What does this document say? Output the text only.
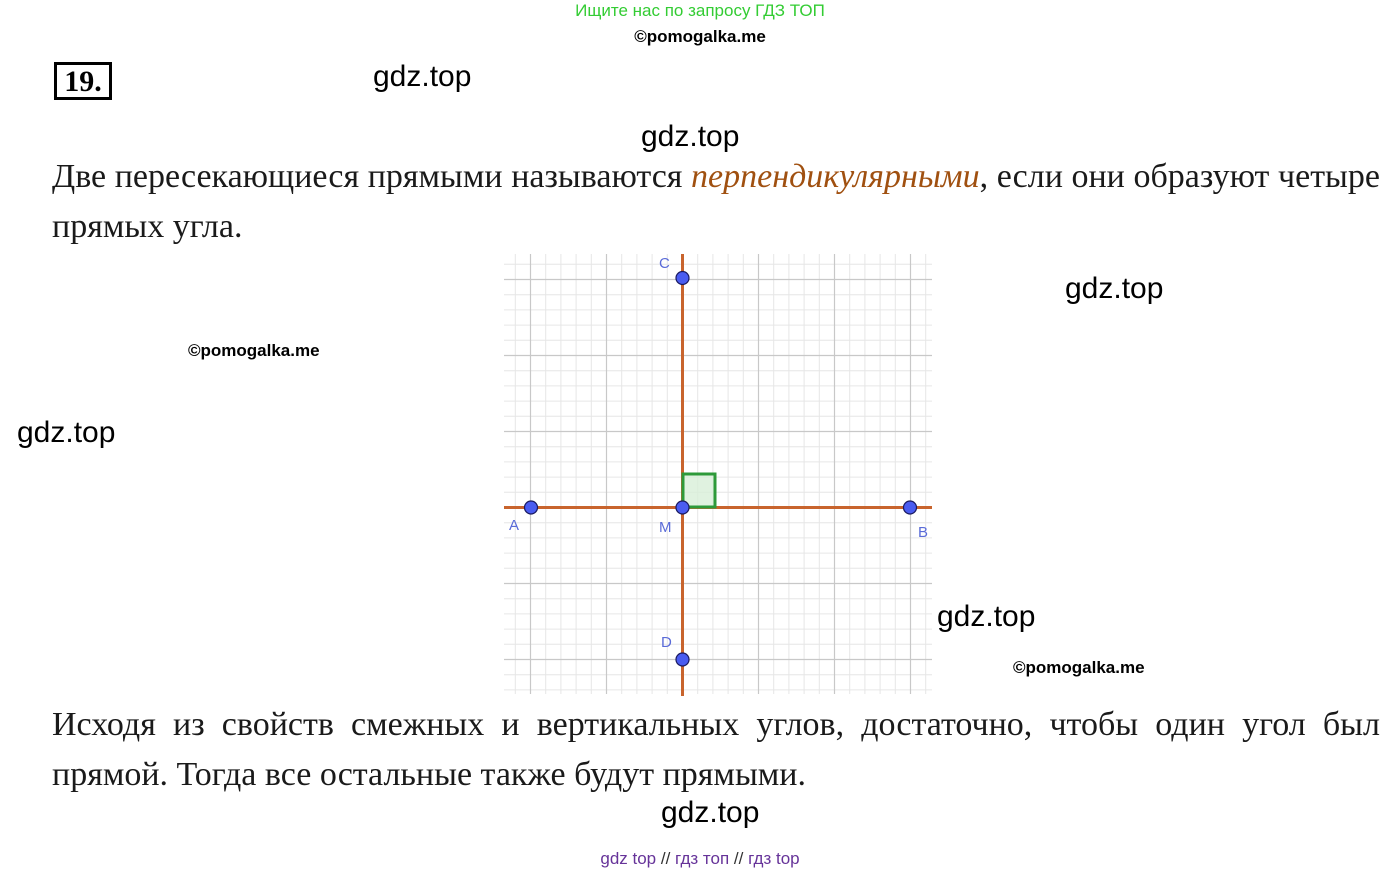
Ищите нас по запросу ГДЗ ТОП
©pomogalka.me
19.	gdz.top
gdz.top
gdz.top
gdz.top
gdz.top
gdz.top
©pomogalka.me
©pomogalka.me
Две пересекающиеся прямыми называются перпендикулярными, если они образуют четыре прямых угла.
C
A	M	B
D
Исходя из свойств смежных и вертикальных углов, достаточно, чтобы один угол был прямой. Тогда все остальные также будут прямыми.
gdz top // гдз топ // гдз top
